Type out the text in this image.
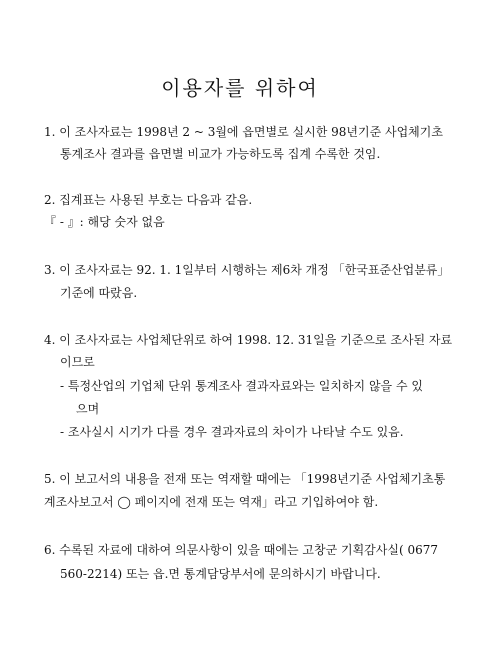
이용자를 위하여
1. 이 조사자료는 1998년 2 ~ 3월에 읍면별로 실시한 98년기준 사업체기초
통계조사 결과를 읍면별 비교가 가능하도록 집계 수록한 것임.
2. 집계표는 사용된 부호는 다음과 같음.
『 - 』: 해당 숫자 없음
3. 이 조사자료는 92. 1. 1일부터 시행하는 제6차 개정 「한국표준산업분류」
기준에 따랐음.
4. 이 조사자료는 사업체단위로 하여 1998. 12. 31일을 기준으로 조사된 자료
이므로
- 특정산업의 기업체 단위 통계조사 결과자료와는 일치하지 않을 수 있
으며
- 조사실시 시기가 다를 경우 결과자료의 차이가 나타날 수도 있음.
5. 이 보고서의 내용을 전재 또는 역재할 때에는 「1998년기준 사업체기초통
계조사보고서 ◯ 페이지에 전재 또는 역재」라고 기입하여야 함.
6. 수록된 자료에 대하여 의문사항이 있을 때에는 고창군 기획감사실( 0677
560-2214) 또는 읍.면 통계담당부서에 문의하시기 바랍니다.
